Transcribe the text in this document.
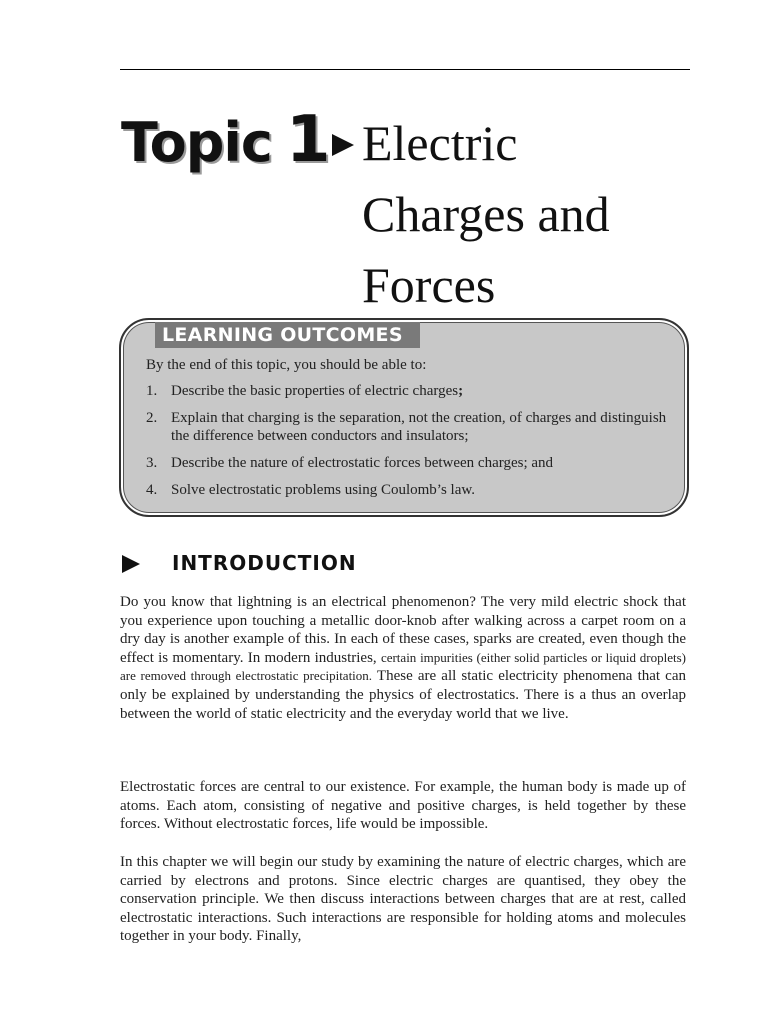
Topic 1 Electric
Charges and
Forces
LEARNING OUTCOMES
By the end of this topic, you should be able to:
1. Describe the basic properties of electric charges;
2. Explain that charging is the separation, not the creation, of charges and distinguish the difference between conductors and insulators;
3. Describe the nature of electrostatic forces between charges; and
4. Solve electrostatic problems using Coulomb’s law.
INTRODUCTION

Do you know that lightning is an electrical phenomenon? The very mild electric shock that you experience upon touching a metallic door-knob after walking across a carpet room on a dry day is another example of this. In each of these cases, sparks are created, even though the effect is momentary. In modern industries, certain impurities (either solid particles or liquid droplets) are removed through electrostatic precipitation. These are all static electricity phenomena that can only be explained by understanding the physics of electrostatics. There is a thus an overlap between the world of static electricity and the everyday world that we live.

Electrostatic forces are central to our existence. For example, the human body is made up of atoms. Each atom, consisting of negative and positive charges, is held together by these forces. Without electrostatic forces, life would be impossible.

In this chapter we will begin our study by examining the nature of electric charges, which are carried by electrons and protons. Since electric charges are quantised, they obey the conservation principle. We then discuss interactions between charges that are at rest, called electrostatic interactions. Such interactions are responsible for holding atoms and molecules together in your body. Finally,
